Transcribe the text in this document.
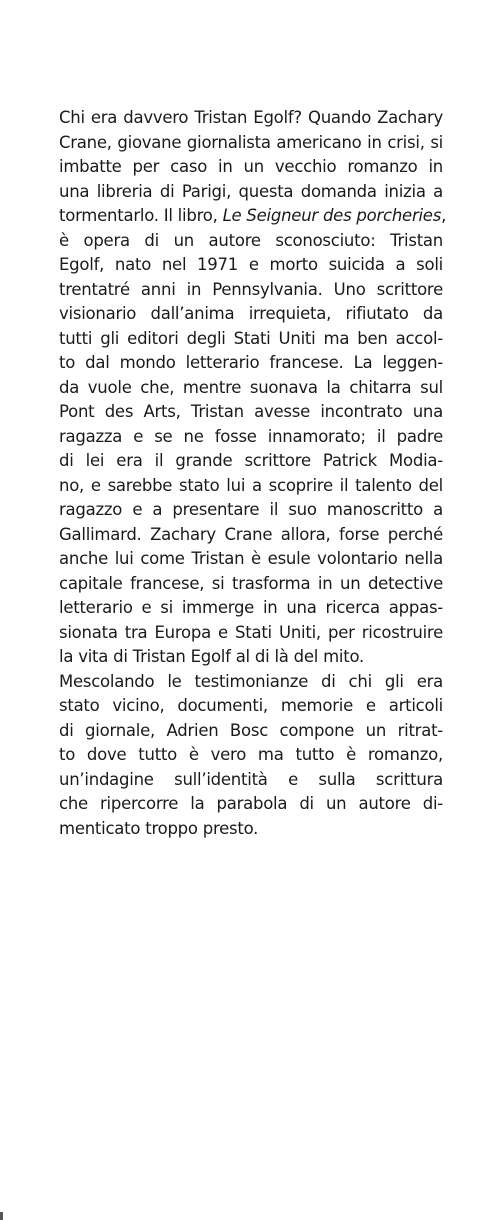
Chi era davvero Tristan Egolf? Quando Zachary
Crane, giovane giornalista americano in crisi, si
imbatte per caso in un vecchio romanzo in
una libreria di Parigi, questa domanda inizia a
tormentarlo. Il libro, Le Seigneur des porcheries,
è opera di un autore sconosciuto: Tristan
Egolf, nato nel 1971 e morto suicida a soli
trentatré anni in Pennsylvania. Uno scrittore
visionario dall’anima irrequieta, rifiutato da
tutti gli editori degli Stati Uniti ma ben accol-
to dal mondo letterario francese. La leggen-
da vuole che, mentre suonava la chitarra sul
Pont des Arts, Tristan avesse incontrato una
ragazza e se ne fosse innamorato; il padre
di lei era il grande scrittore Patrick Modia-
no, e sarebbe stato lui a scoprire il talento del
ragazzo e a presentare il suo manoscritto a
Gallimard. Zachary Crane allora, forse perché
anche lui come Tristan è esule volontario nella
capitale francese, si trasforma in un detective
letterario e si immerge in una ricerca appas-
sionata tra Europa e Stati Uniti, per ricostruire
la vita di Tristan Egolf al di là del mito.
Mescolando le testimonianze di chi gli era
stato vicino, documenti, memorie e articoli
di giornale, Adrien Bosc compone un ritrat-
to dove tutto è vero ma tutto è romanzo,
un’indagine sull’identità e sulla scrittura
che ripercorre la parabola di un autore di-
menticato troppo presto.
